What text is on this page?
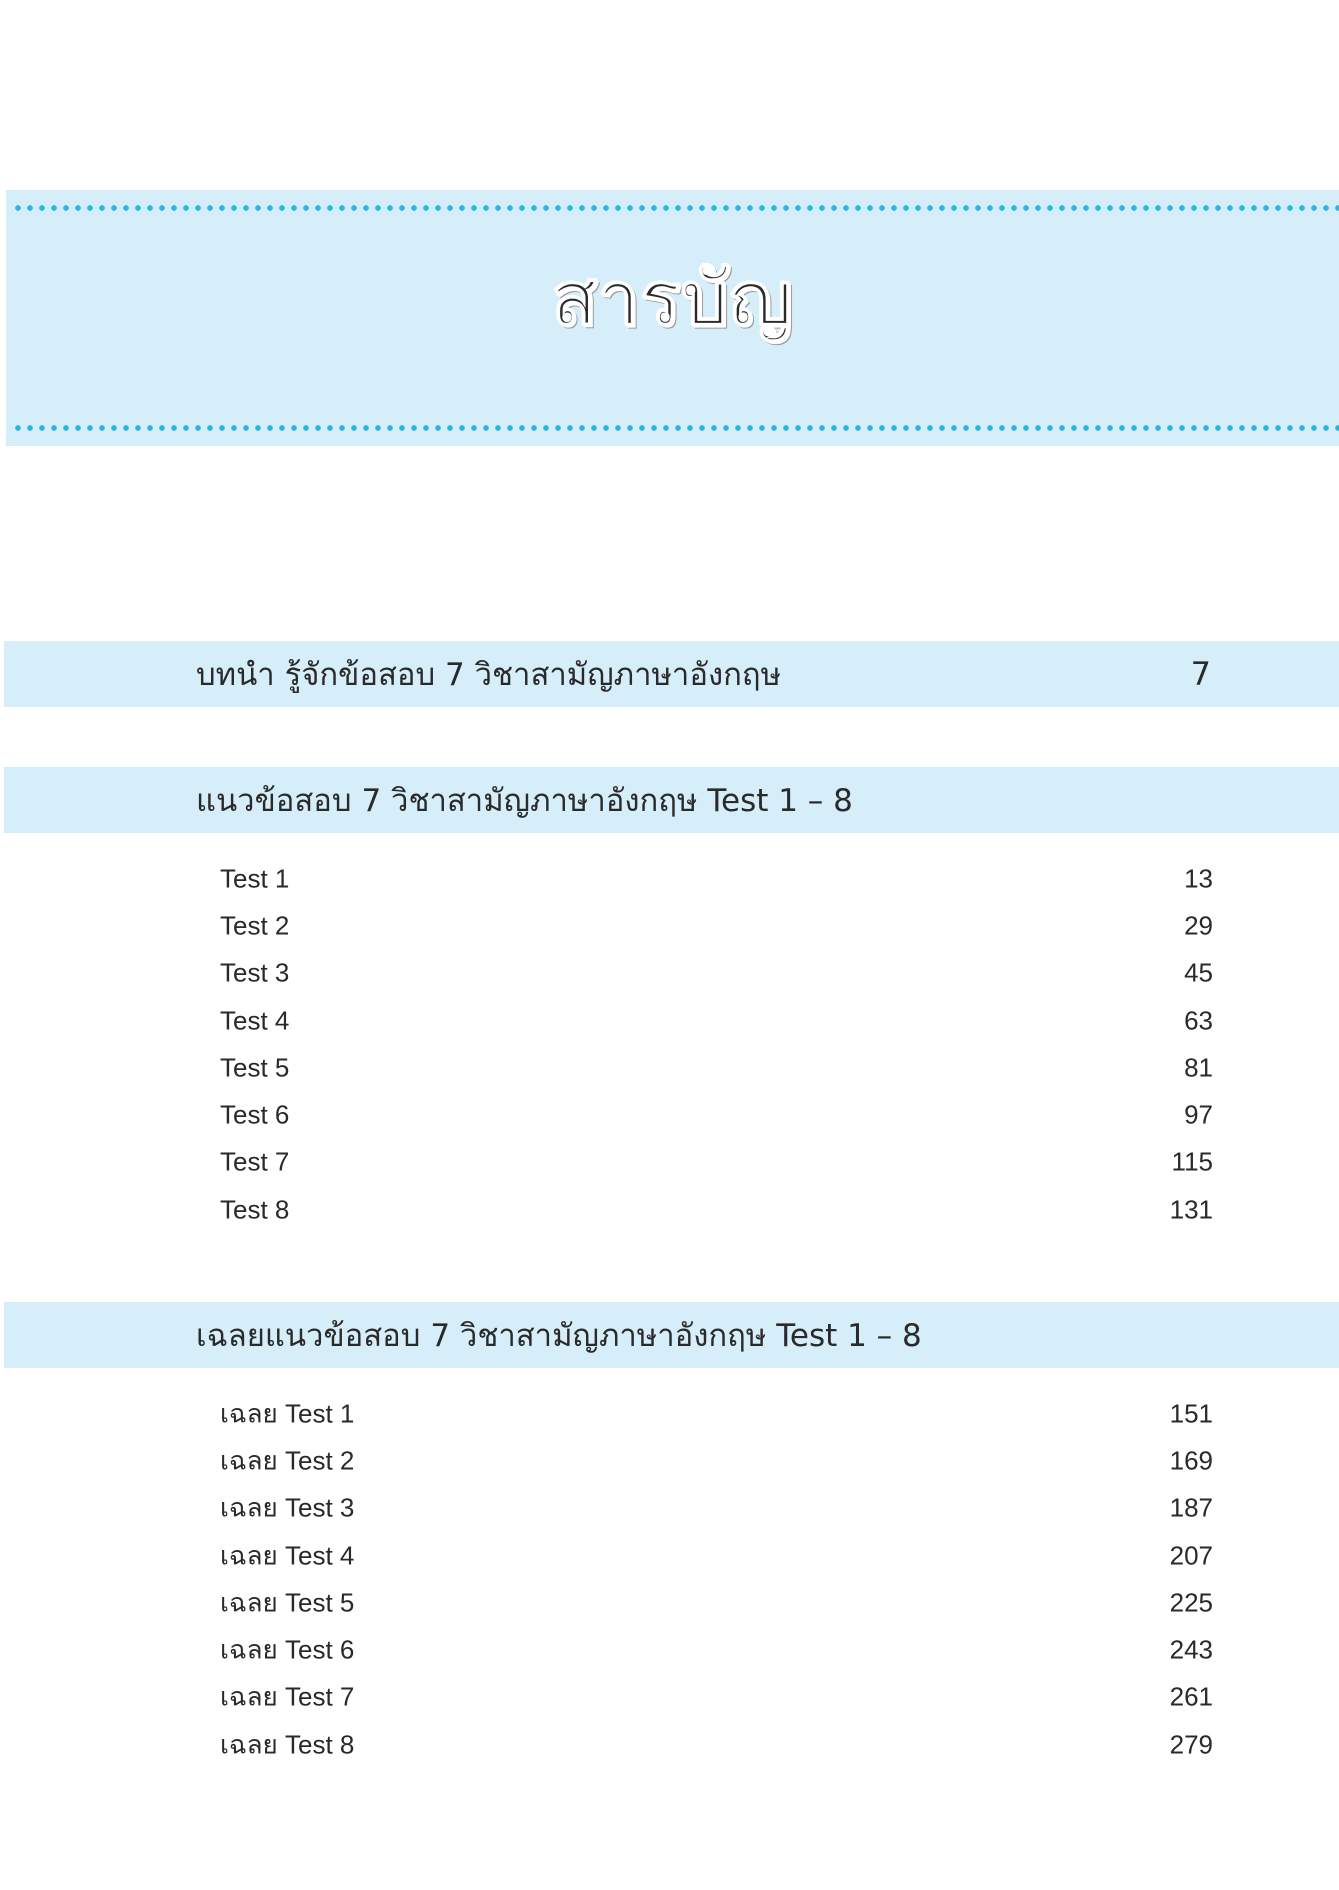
สารบัญ
บทนำ รู้จักข้อสอบ 7 วิชาสามัญภาษาอังกฤษ	7
แนวข้อสอบ 7 วิชาสามัญภาษาอังกฤษ Test 1 – 8
Test 1	13
Test 2	29
Test 3	45
Test 4	63
Test 5	81
Test 6	97
Test 7	115
Test 8	131
เฉลยแนวข้อสอบ 7 วิชาสามัญภาษาอังกฤษ Test 1 – 8
เฉลย Test 1	151
เฉลย Test 2	169
เฉลย Test 3	187
เฉลย Test 4	207
เฉลย Test 5	225
เฉลย Test 6	243
เฉลย Test 7	261
เฉลย Test 8	279
